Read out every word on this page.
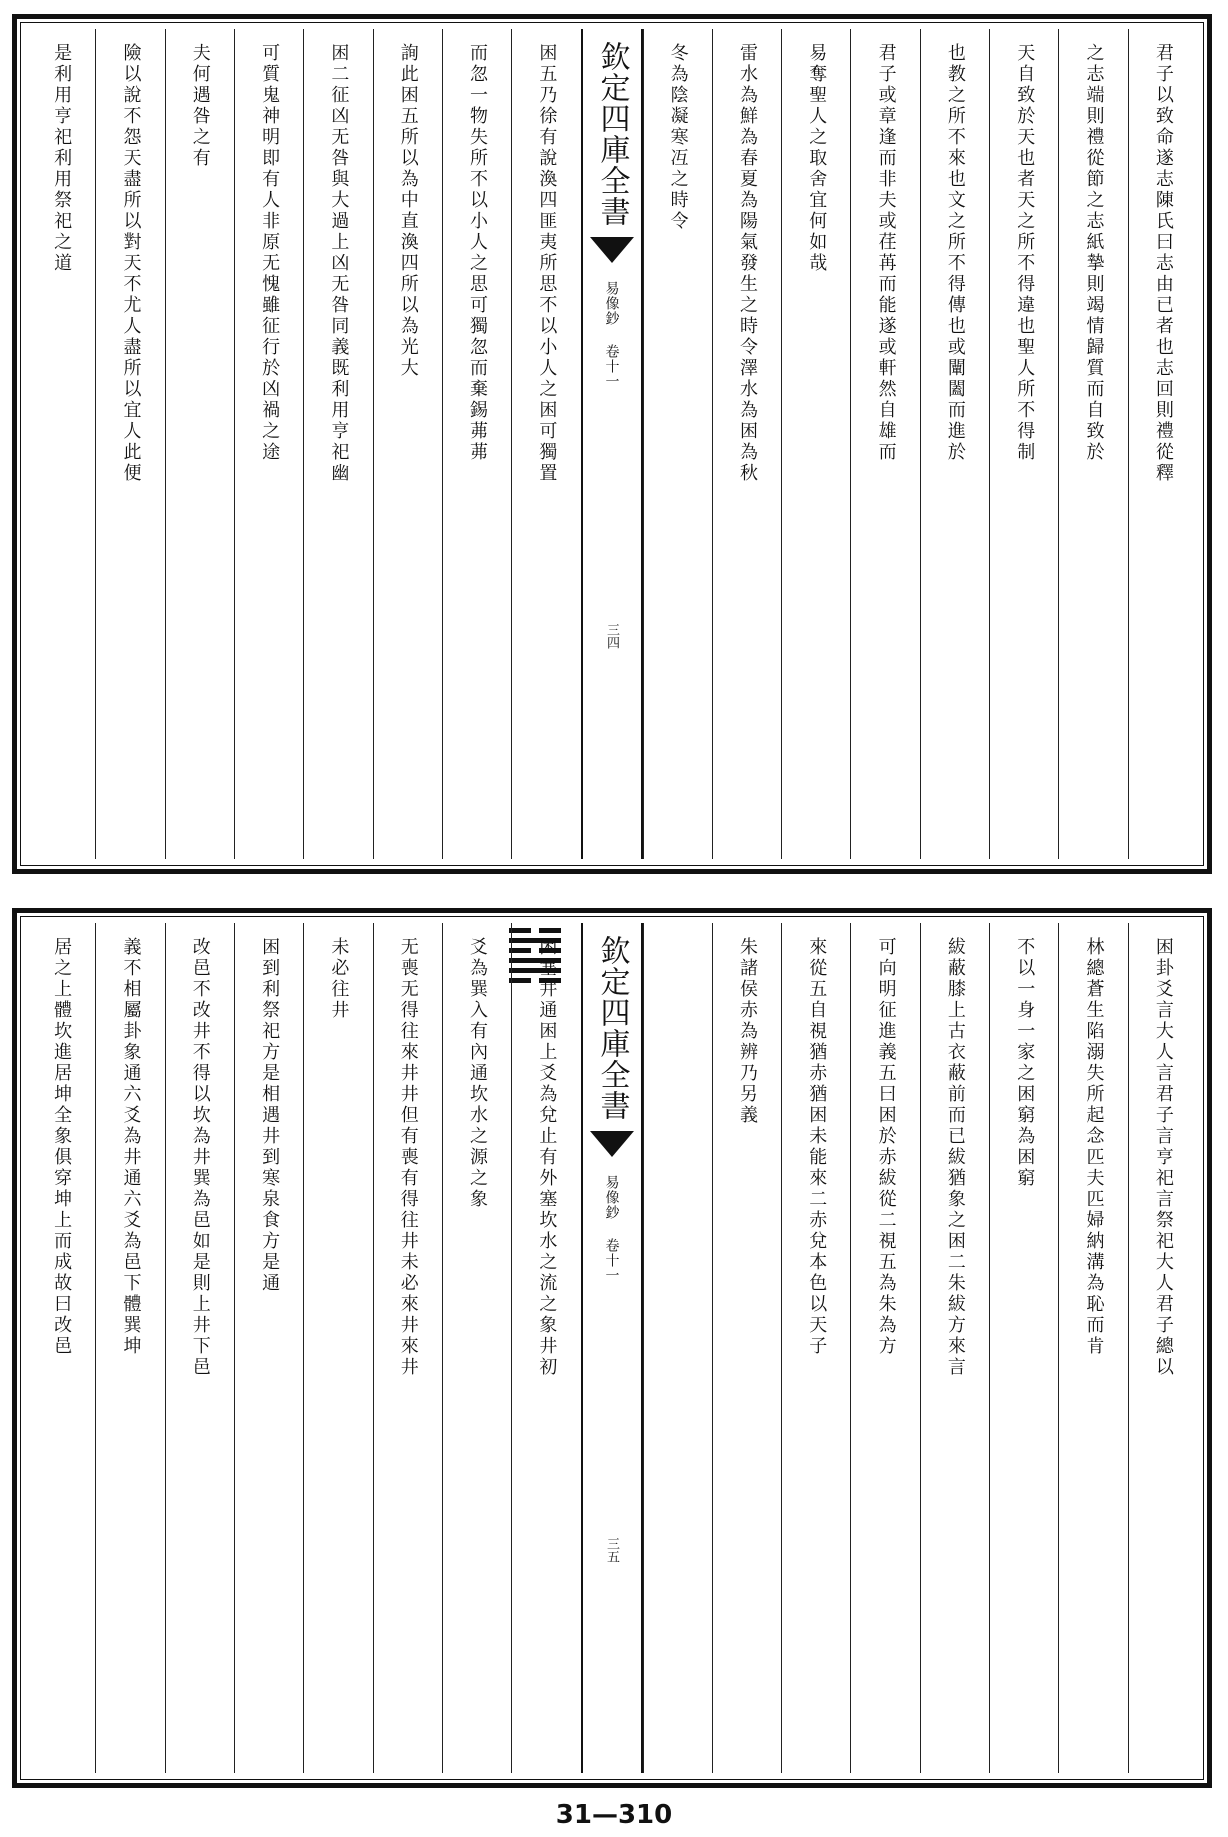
君子以致命遂志陳氏曰志由已者也志回則禮從釋
之志端則禮從節之志紙摯則竭情歸質而自致於
天自致於天也者天之所不得違也聖人所不得制
也教之所不來也文之所不得傳也或闡闔而進於
君子或章逢而非夫或荏苒而能遂或軒然自雄而
易奪聖人之取舍宜何如哉
雷水為鮮為春夏為陽氣發生之時令澤水為困為秋
冬為陰凝寒冱之時令
欽定四庫全書
易像鈔
卷十一
三四
困五乃徐有說渙四匪夷所思不以小人之困可獨置
而忽一物失所不以小人之思可獨忽而棄錫茀茀
詢此困五所以為中直渙四所以為光大
困二征凶无咎與大過上凶无咎同義既利用亨祀幽
可質鬼神明即有人非原无愧雖征行於凶禍之途
夫何遇咎之有
險以說不怨天盡所以對天不尤人盡所以宜人此便
是利用亨祀利用祭祀之道
困卦爻言大人言君子言亨祀言祭祀大人君子總以
林總蒼生陷溺失所起念匹夫匹婦納溝為恥而肯
不以一身一家之困窮為困窮
紱蔽膝上古衣蔽前而已紱猶象之困二朱紱方來言
可向明征進義五曰困於赤紱從二視五為朱為方
來從五自視猶赤猶困未能來二赤兌本色以天子
朱諸侯赤為辨乃另義
欽定四庫全書
易像鈔
卷十一
三五
困塞井通困上爻為兌止有外塞坎水之流之象井初
爻為巽入有內通坎水之源之象
无喪无得往來井井但有喪有得往井未必來井來井
未必往井
困到利祭祀方是相遇井到寒泉食方是通
改邑不改井不得以坎為井巽為邑如是則上井下邑
義不相屬卦象通六爻為井通六爻為邑下體巽坤
居之上體坎進居坤全象俱穿坤上而成故曰改邑
31—310
